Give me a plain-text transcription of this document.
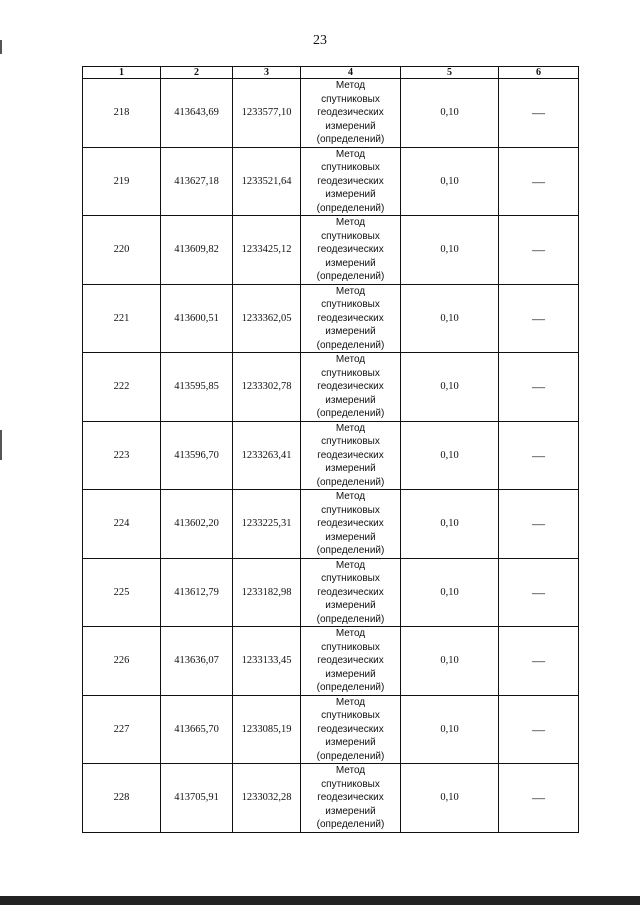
23
1	2	3	4	5	6
218	413643,69	1233577,10	Метод
спутниковых
геодезических
измерений
(определений)	0,10	—
219	413627,18	1233521,64	Метод
спутниковых
геодезических
измерений
(определений)	0,10	—
220	413609,82	1233425,12	Метод
спутниковых
геодезических
измерений
(определений)	0,10	—
221	413600,51	1233362,05	Метод
спутниковых
геодезических
измерений
(определений)	0,10	—
222	413595,85	1233302,78	Метод
спутниковых
геодезических
измерений
(определений)	0,10	—
223	413596,70	1233263,41	Метод
спутниковых
геодезических
измерений
(определений)	0,10	—
224	413602,20	1233225,31	Метод
спутниковых
геодезических
измерений
(определений)	0,10	—
225	413612,79	1233182,98	Метод
спутниковых
геодезических
измерений
(определений)	0,10	—
226	413636,07	1233133,45	Метод
спутниковых
геодезических
измерений
(определений)	0,10	—
227	413665,70	1233085,19	Метод
спутниковых
геодезических
измерений
(определений)	0,10	—
228	413705,91	1233032,28	Метод
спутниковых
геодезических
измерений
(определений)	0,10	—
